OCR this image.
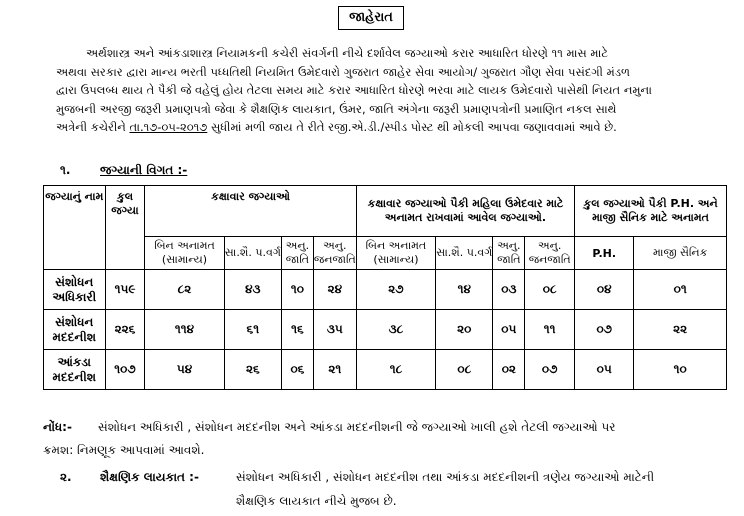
જાહેરાત
અર્થશાસ્ત્ર અને આંકડાશાસ્ત્ર નિયામકની કચેરી સંવર્ગની નીચે દર્શાવેલ જગ્યાઓ કરાર આધારિત ધોરણે ૧૧ માસ માટે
અથવા સરકાર દ્વારા માન્ય ભરતી પધ્ધતિથી નિયમિત ઉમેદવારો ગુજરાત જાહેર સેવા આયોગ/ ગુજરાત ગૌણ સેવા પસંદગી મંડળ
દ્વારા ઉપલબ્ધ થાય તે પૈકી જે વહેલું હોય તેટલા સમય માટે કરાર આધારિત ધોરણે ભરવા માટે લાયક ઉમેદવારો પાસેથી નિયત નમુના
મુજબની અરજી જરૂરી પ્રમાણપત્રો જેવા કે શૈક્ષણિક લાયકાત, ઉંમર, જાતિ અંગેના જરૂરી પ્રમાણપત્રોની પ્રમાણિત નકલ સાથે
અત્રેની કચેરીને તા.૧૭-૦૫-૨૦૧૭ સુધીમાં મળી જાય તે રીતે રજી.એ.ડી./સ્પીડ પોસ્ટ થી મોકલી આપવા જણાવવામાં આવે છે.
૧. જગ્યાની વિગત :-
જગ્યાનું નામ	કુલ જગ્યા	કક્ષાવાર જગ્યાઓ				કક્ષાવાર જગ્યાઓ પૈકી મહિલા ઉમેદવાર માટે અનામત રાખવામાં આવેલ જગ્યાઓ.				કુલ જગ્યાઓ પૈકી P.H. અને માજી સૈનિક માટે અનામત	
		બિન અનામત (સામાન્ય)	સા.શૈ. પ.વર્ગ	અનુ. જાતિ	અનુ. જનજાતિ	બિન અનામત (સામાન્ય)	સા.શૈ. પ.વર્ગ	અનુ. જાતિ	અનુ. જનજાતિ	P.H.	માજી સૈનિક
સંશોધન અધિકારી	૧૫૯	૮૨	૪૩	૧૦	૨૪	૨૭	૧૪	૦૩	૦૮	૦૪	૦૧
સંશોધન મદદનીશ	૨૨૬	૧૧૪	૬૧	૧૬	૩૫	૩૮	૨૦	૦૫	૧૧	૦૭	૨૨
આંકડા મદદનીશ	૧૦૭	૫૪	૨૬	૦૬	૨૧	૧૮	૦૮	૦૨	૦૭	૦૫	૧૦
નોંધ:- સંશોધન અધિકારી , સંશોધન મદદનીશ અને આંકડા મદદનીશની જે જગ્યાઓ ખાલી હશે તેટલી જગ્યાઓ પર
ક્રમશ: નિમણૂક આપવામાં આવશે.
૨. શૈક્ષણિક લાયકાત :-	સંશોધન અધિકારી , સંશોધન મદદનીશ તથા આંકડા મદદનીશની ત્રણેય જગ્યાઓ માટેની
શૈક્ષણિક લાયકાત નીચે મુજબ છે.
